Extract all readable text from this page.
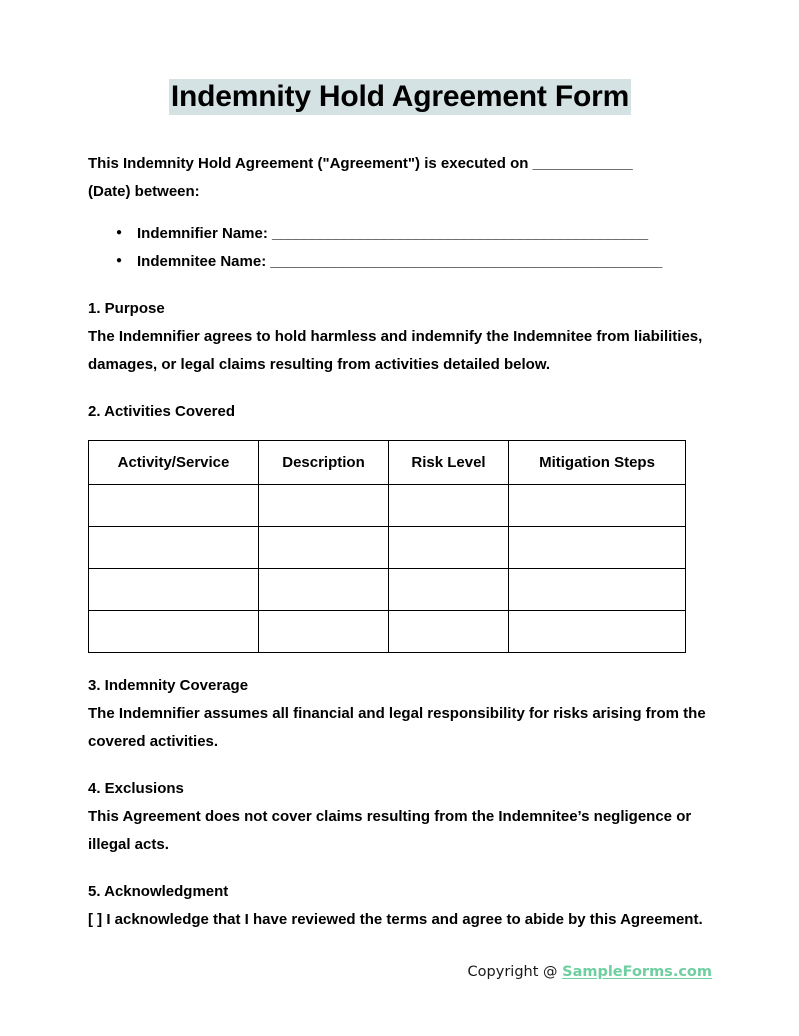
Indemnity Hold Agreement Form

This Indemnity Hold Agreement ("Agreement") is executed on ____________
(Date) between:

● Indemnifier Name: _______________________________________________
● Indemnitee Name: _________________________________________________

1. Purpose

The Indemnifier agrees to hold harmless and indemnify the Indemnitee from liabilities, damages, or legal claims resulting from activities detailed below.

2. Activities Covered

Activity/Service	Description	Risk Level	Mitigation Steps

3. Indemnity Coverage

The Indemnifier assumes all financial and legal responsibility for risks arising from the covered activities.

4. Exclusions

This Agreement does not cover claims resulting from the Indemnitee’s negligence or illegal acts.

5. Acknowledgment

[ ] I acknowledge that I have reviewed the terms and agree to abide by this Agreement.

Copyright @ SampleForms.com
